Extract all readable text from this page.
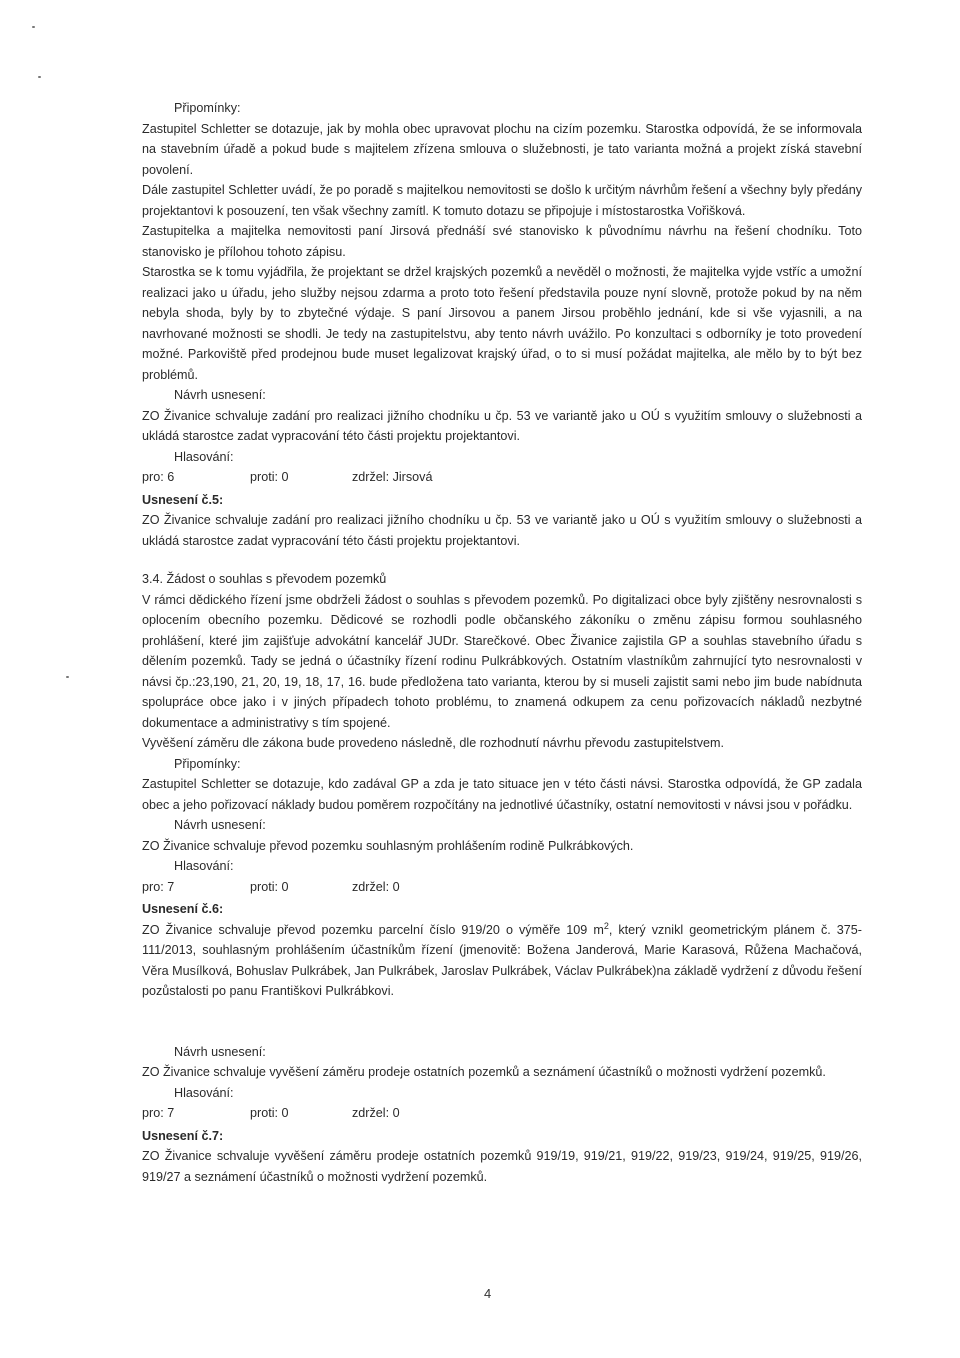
Připomínky:

Zastupitel Schletter se dotazuje, jak by mohla obec upravovat plochu na cizím pozemku. Starostka odpovídá, že se informovala na stavebním úřadě a pokud bude s majitelem zřízena smlouva o služebnosti, je tato varianta možná a projekt získá stavební povolení.

Dále zastupitel Schletter uvádí, že po poradě s majitelkou nemovitosti se došlo k určitým návrhům řešení a všechny byly předány projektantovi k posouzení, ten však všechny zamítl. K tomuto dotazu se připojuje i místostarostka Vořišková.

Zastupitelka a majitelka nemovitosti paní Jirsová přednáší své stanovisko k původnímu návrhu na řešení chodníku. Toto stanovisko je přílohou tohoto zápisu.

Starostka se k tomu vyjádřila, že projektant se držel krajských pozemků a nevěděl o možnosti, že majitelka vyjde vstříc a umožní realizaci jako u úřadu, jeho služby nejsou zdarma a proto toto řešení představila pouze nyní slovně, protože pokud by na něm nebyla shoda, byly by to zbytečné výdaje. S paní Jirsovou a panem Jirsou proběhlo jednání, kde si vše vyjasnili, a na navrhované možnosti se shodli. Je tedy na zastupitelstvu, aby tento návrh uvážilo. Po konzultaci s odborníky je toto provedení možné. Parkoviště před prodejnou bude muset legalizovat krajský úřad, o to si musí požádat majitelka, ale mělo by to být bez problémů.

Návrh usnesení:

ZO Živanice schvaluje zadání pro realizaci jižního chodníku u čp. 53 ve variantě jako u OÚ s využitím smlouvy o služebnosti a ukládá starostce zadat vypracování této části projektu projektantovi.

Hlasování:

pro: 6	proti: 0	zdržel: Jirsová

Usnesení č.5:

ZO Živanice schvaluje zadání pro realizaci jižního chodníku u čp. 53 ve variantě jako u OÚ s využitím smlouvy o služebnosti a ukládá starostce zadat vypracování této části projektu projektantovi.

3.4. Žádost o souhlas s převodem pozemků

V rámci dědického řízení jsme obdrželi žádost o souhlas s převodem pozemků. Po digitalizaci obce byly zjištěny nesrovnalosti s oplocením obecního pozemku. Dědicové se rozhodli podle občanského zákoníku o změnu zápisu formou souhlasného prohlášení, které jim zajišťuje advokátní kancelář JUDr. Starečkové. Obec Živanice zajistila GP a souhlas stavebního úřadu s dělením pozemků. Tady se jedná o účastníky řízení rodinu Pulkrábkových. Ostatním vlastníkům zahrnující tyto nesrovnalosti v návsi čp.:23,190, 21, 20, 19, 18, 17, 16. bude předložena tato varianta, kterou by si museli zajistit sami nebo jim bude nabídnuta spolupráce obce jako i v jiných případech tohoto problému, to znamená odkupem za cenu pořizovacích nákladů nezbytné dokumentace a administrativy s tím spojené.

Vyvěšení záměru dle zákona bude provedeno následně, dle rozhodnutí návrhu převodu zastupitelstvem.

Připomínky:

Zastupitel Schletter se dotazuje, kdo zadával GP a zda je tato situace jen v této části návsi. Starostka odpovídá, že GP zadala obec a jeho pořizovací náklady budou poměrem rozpočítány na jednotlivé účastníky, ostatní nemovitosti v návsi jsou v pořádku.

Návrh usnesení:

ZO Živanice schvaluje převod pozemku souhlasným prohlášením rodině Pulkrábkových.

Hlasování:

pro: 7	proti: 0	zdržel: 0

Usnesení č.6:

ZO Živanice schvaluje převod pozemku parcelní číslo 919/20 o výměře 109 $m^2$, který vznikl geometrickým plánem č. 375-111/2013, souhlasným prohlášením účastníkům řízení (jmenovitě: Božena Janderová, Marie Karasová, Růžena Machačová, Věra Musílková, Bohuslav Pulkrábek, Jan Pulkrábek, Jaroslav Pulkrábek, Václav Pulkrábek)na základě vydržení z důvodu řešení pozůstalosti po panu Františkovi Pulkrábkovi.

Návrh usnesení:

ZO Živanice schvaluje vyvěšení záměru prodeje ostatních pozemků a seznámení účastníků o možnosti vydržení pozemků.

Hlasování:

pro: 7	proti: 0	zdržel: 0

Usnesení č.7:

ZO Živanice schvaluje vyvěšení záměru prodeje ostatních pozemků 919/19, 919/21, 919/22, 919/23, 919/24, 919/25, 919/26, 919/27 a seznámení účastníků o možnosti vydržení pozemků.

4
